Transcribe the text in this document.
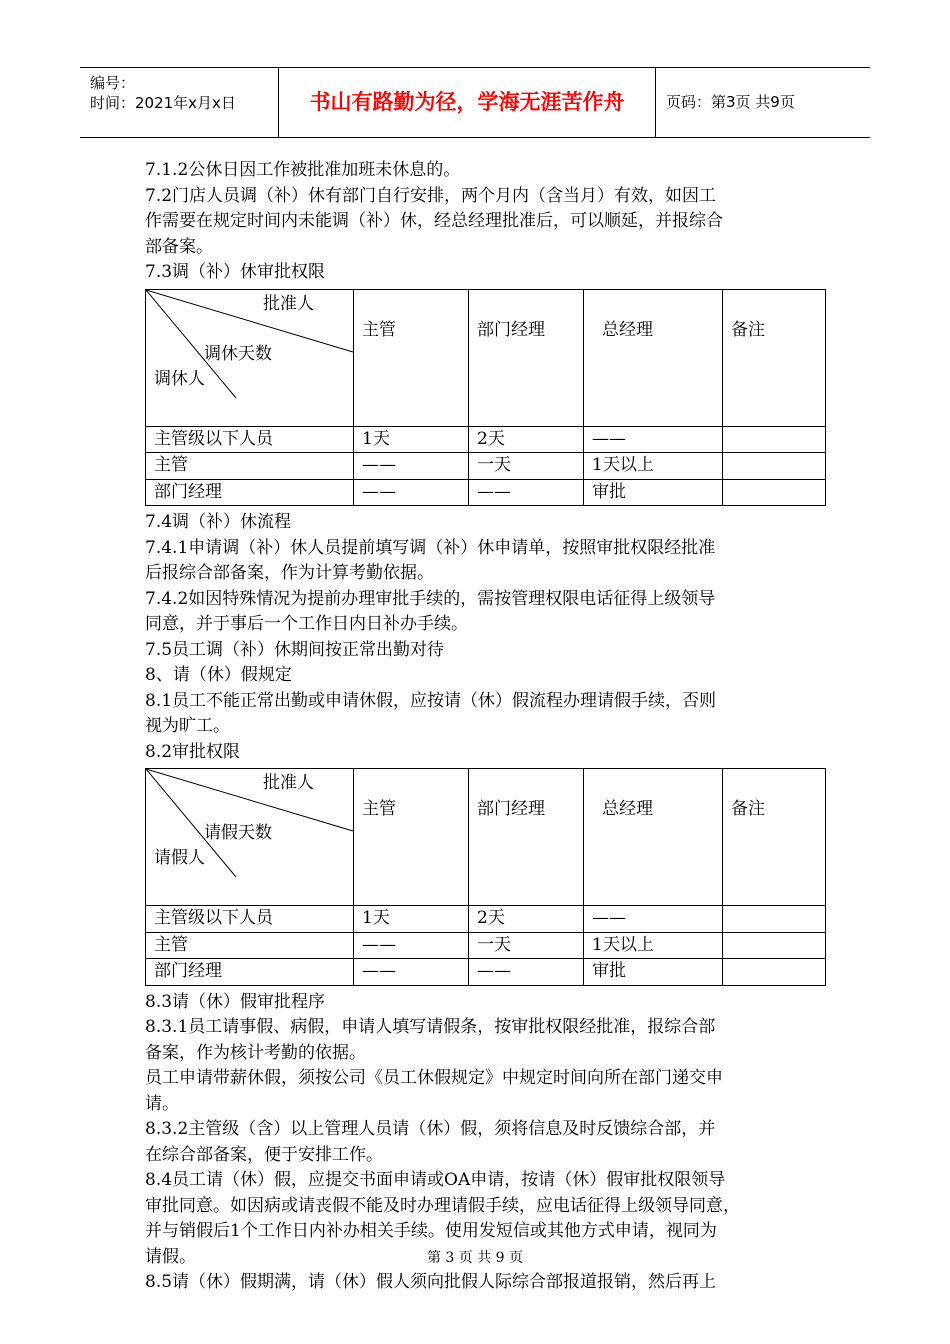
编号：
时间：2021年x月x日	书山有路勤为径，学海无涯苦作舟	页码：第3页 共9页
7.1.2公休日因工作被批准加班未休息的。
7.2门店人员调（补）休有部门自行安排，两个月内（含当月）有效，如因工
作需要在规定时间内未能调（补）休，经总经理批准后，可以顺延，并报综合
部备案。
7.3调（补）休审批权限
批准人
调休天数
调休人	主管	部门经理	总经理	备注
主管级以下人员	1天	2天	——	
主管	——	一天	1天以上	
部门经理	——	——	审批	
7.4调（补）休流程
7.4.1申请调（补）休人员提前填写调（补）休申请单，按照审批权限经批准
后报综合部备案，作为计算考勤依据。
7.4.2如因特殊情况为提前办理审批手续的，需按管理权限电话征得上级领导
同意，并于事后一个工作日内日补办手续。
7.5员工调（补）休期间按正常出勤对待
8、请（休）假规定
8.1员工不能正常出勤或申请休假，应按请（休）假流程办理请假手续，否则
视为旷工。
8.2审批权限
批准人
请假天数
请假人	主管	部门经理	总经理	备注
主管级以下人员	1天	2天	——	
主管	——	一天	1天以上	
部门经理	——	——	审批	
8.3请（休）假审批程序
8.3.1员工请事假、病假，申请人填写请假条，按审批权限经批准，报综合部
备案，作为核计考勤的依据。
员工申请带薪休假，须按公司《员工休假规定》中规定时间向所在部门递交申
请。
8.3.2主管级（含）以上管理人员请（休）假，须将信息及时反馈综合部，并
在综合部备案，便于安排工作。
8.4员工请（休）假，应提交书面申请或OA申请，按请（休）假审批权限领导
审批同意。如因病或请丧假不能及时办理请假手续，应电话征得上级领导同意，
并与销假后1个工作日内补办相关手续。使用发短信或其他方式申请，视同为
请假。
8.5请（休）假期满，请（休）假人须向批假人际综合部报道报销，然后再上
第 3 页 共 9 页
